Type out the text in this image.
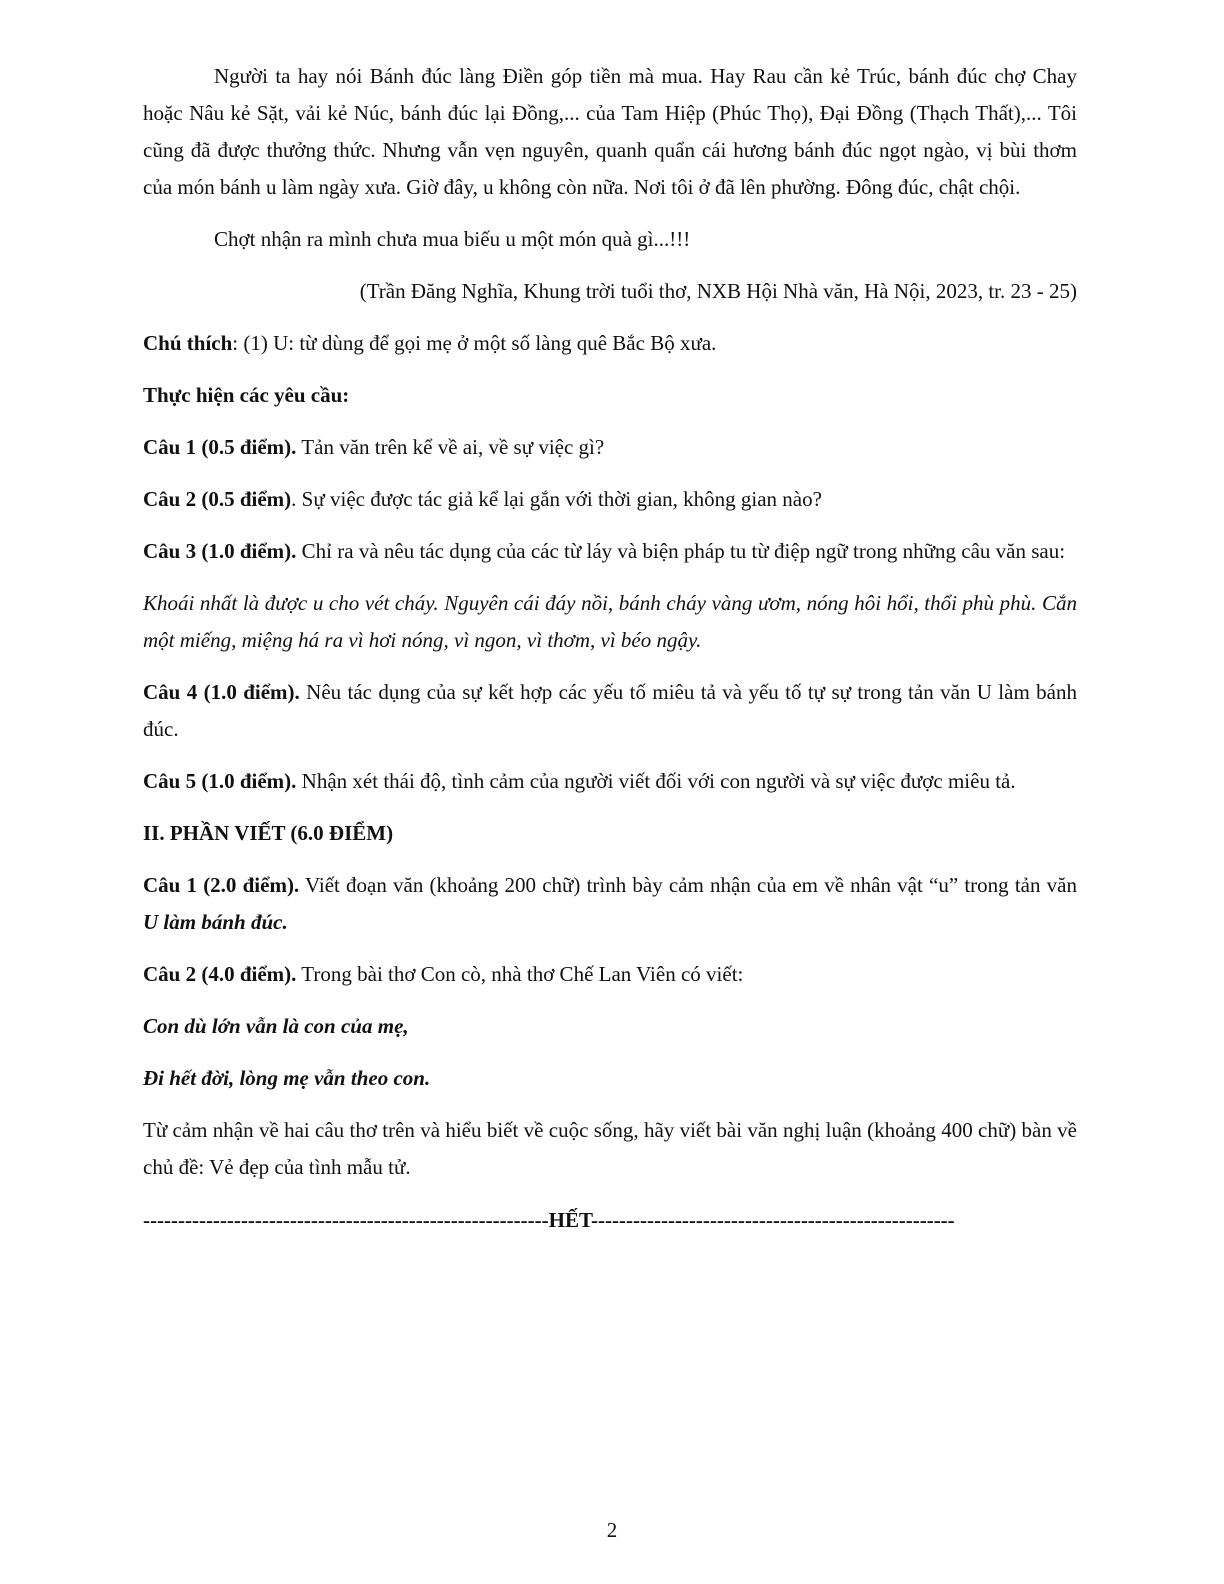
Người ta hay nói Bánh đúc làng Điền góp tiền mà mua. Hay Rau cần kẻ Trúc, bánh đúc chợ Chay hoặc Nâu kẻ Sặt, vải kẻ Núc, bánh đúc lại Đồng,... của Tam Hiệp (Phúc Thọ), Đại Đồng (Thạch Thất),... Tôi cũng đã được thưởng thức. Nhưng vẫn vẹn nguyên, quanh quẩn cái hương bánh đúc ngọt ngào, vị bùi thơm của món bánh u làm ngày xưa. Giờ đây, u không còn nữa. Nơi tôi ở đã lên phường. Đông đúc, chật chội.

Chợt nhận ra mình chưa mua biếu u một món quà gì...!!!

(Trần Đăng Nghĩa, Khung trời tuổi thơ, NXB Hội Nhà văn, Hà Nội, 2023, tr. 23 - 25)

Chú thích: (1) U: từ dùng để gọi mẹ ở một số làng quê Bắc Bộ xưa.

Thực hiện các yêu cầu:

Câu 1 (0.5 điểm). Tản văn trên kể về ai, về sự việc gì?

Câu 2 (0.5 điểm). Sự việc được tác giả kể lại gắn với thời gian, không gian nào?

Câu 3 (1.0 điểm). Chỉ ra và nêu tác dụng của các từ láy và biện pháp tu từ điệp ngữ trong những câu văn sau:

Khoái nhất là được u cho vét cháy. Nguyên cái đáy nồi, bánh cháy vàng ươm, nóng hôi hổi, thổi phù phù. Cắn một miếng, miệng há ra vì hơi nóng, vì ngon, vì thơm, vì béo ngậy.

Câu 4 (1.0 điểm). Nêu tác dụng của sự kết hợp các yếu tố miêu tả và yếu tố tự sự trong tản văn U làm bánh đúc.

Câu 5 (1.0 điểm). Nhận xét thái độ, tình cảm của người viết đối với con người và sự việc được miêu tả.

II. PHẦN VIẾT (6.0 ĐIỂM)

Câu 1 (2.0 điểm). Viết đoạn văn (khoảng 200 chữ) trình bày cảm nhận của em về nhân vật “u” trong tản văn U làm bánh đúc.

Câu 2 (4.0 điểm). Trong bài thơ Con cò, nhà thơ Chế Lan Viên có viết:

Con dù lớn vẫn là con của mẹ,

Đi hết đời, lòng mẹ vẫn theo con.

Từ cảm nhận về hai câu thơ trên và hiểu biết về cuộc sống, hãy viết bài văn nghị luận (khoảng 400 chữ) bàn về chủ đề: Vẻ đẹp của tình mẫu tử.

----------------------------------------------------------HẾT----------------------------------------------------

2
